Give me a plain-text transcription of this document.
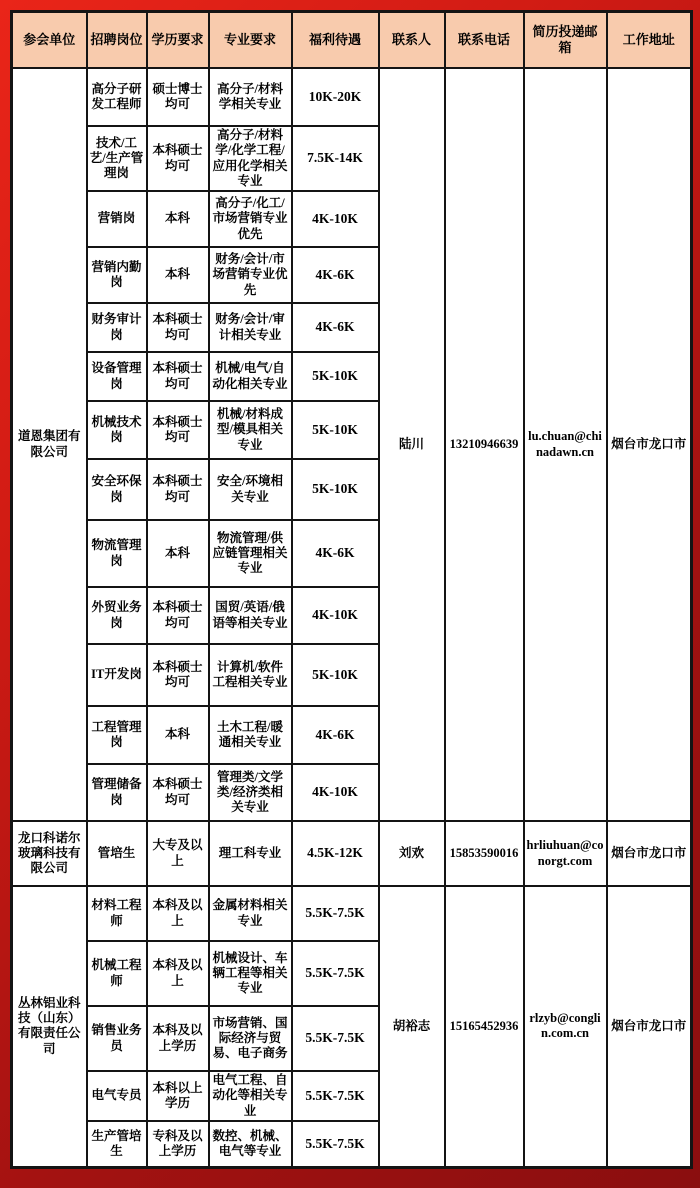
参会单位	招聘岗位	学历要求	专业要求	福利待遇	联系人	联系电话	简历投递邮箱	工作地址
道恩集团有限公司	高分子研发工程师	硕士博士均可	高分子/材料学相关专业	10K-20K	陆川	13210946639	lu.chuan@chinadawn.cn	烟台市龙口市
	技术/工艺/生产管理岗	本科硕士均可	高分子/材料学/化学工程/应用化学相关专业	7.5K-14K				
	营销岗	本科	高分子/化工/市场营销专业优先	4K-10K				
	营销内勤岗	本科	财务/会计/市场营销专业优先	4K-6K				
	财务审计岗	本科硕士均可	财务/会计/审计相关专业	4K-6K				
	设备管理岗	本科硕士均可	机械/电气/自动化相关专业	5K-10K				
	机械技术岗	本科硕士均可	机械/材料成型/模具相关专业	5K-10K				
	安全环保岗	本科硕士均可	安全/环境相关专业	5K-10K				
	物流管理岗	本科	物流管理/供应链管理相关专业	4K-6K				
	外贸业务岗	本科硕士均可	国贸/英语/俄语等相关专业	4K-10K				
	IT开发岗	本科硕士均可	计算机/软件工程相关专业	5K-10K				
	工程管理岗	本科	土木工程/暖通相关专业	4K-6K				
	管理储备岗	本科硕士均可	管理类/文学类/经济类相关专业	4K-10K				
龙口科诺尔玻璃科技有限公司	管培生	大专及以上	理工科专业	4.5K-12K	刘欢	15853590016	hrliuhuan@conorgt.com	烟台市龙口市
丛林铝业科技（山东）有限责任公司	材料工程师	本科及以上	金属材料相关专业	5.5K-7.5K	胡裕志	15165452936	rlzyb@conglin.com.cn	烟台市龙口市
	机械工程师	本科及以上	机械设计、车辆工程等相关专业	5.5K-7.5K				
	销售业务员	本科及以上学历	市场营销、国际经济与贸易、电子商务	5.5K-7.5K				
	电气专员	本科以上学历	电气工程、自动化等相关专业	5.5K-7.5K				
	生产管培生	专科及以上学历	数控、机械、电气等专业	5.5K-7.5K				
